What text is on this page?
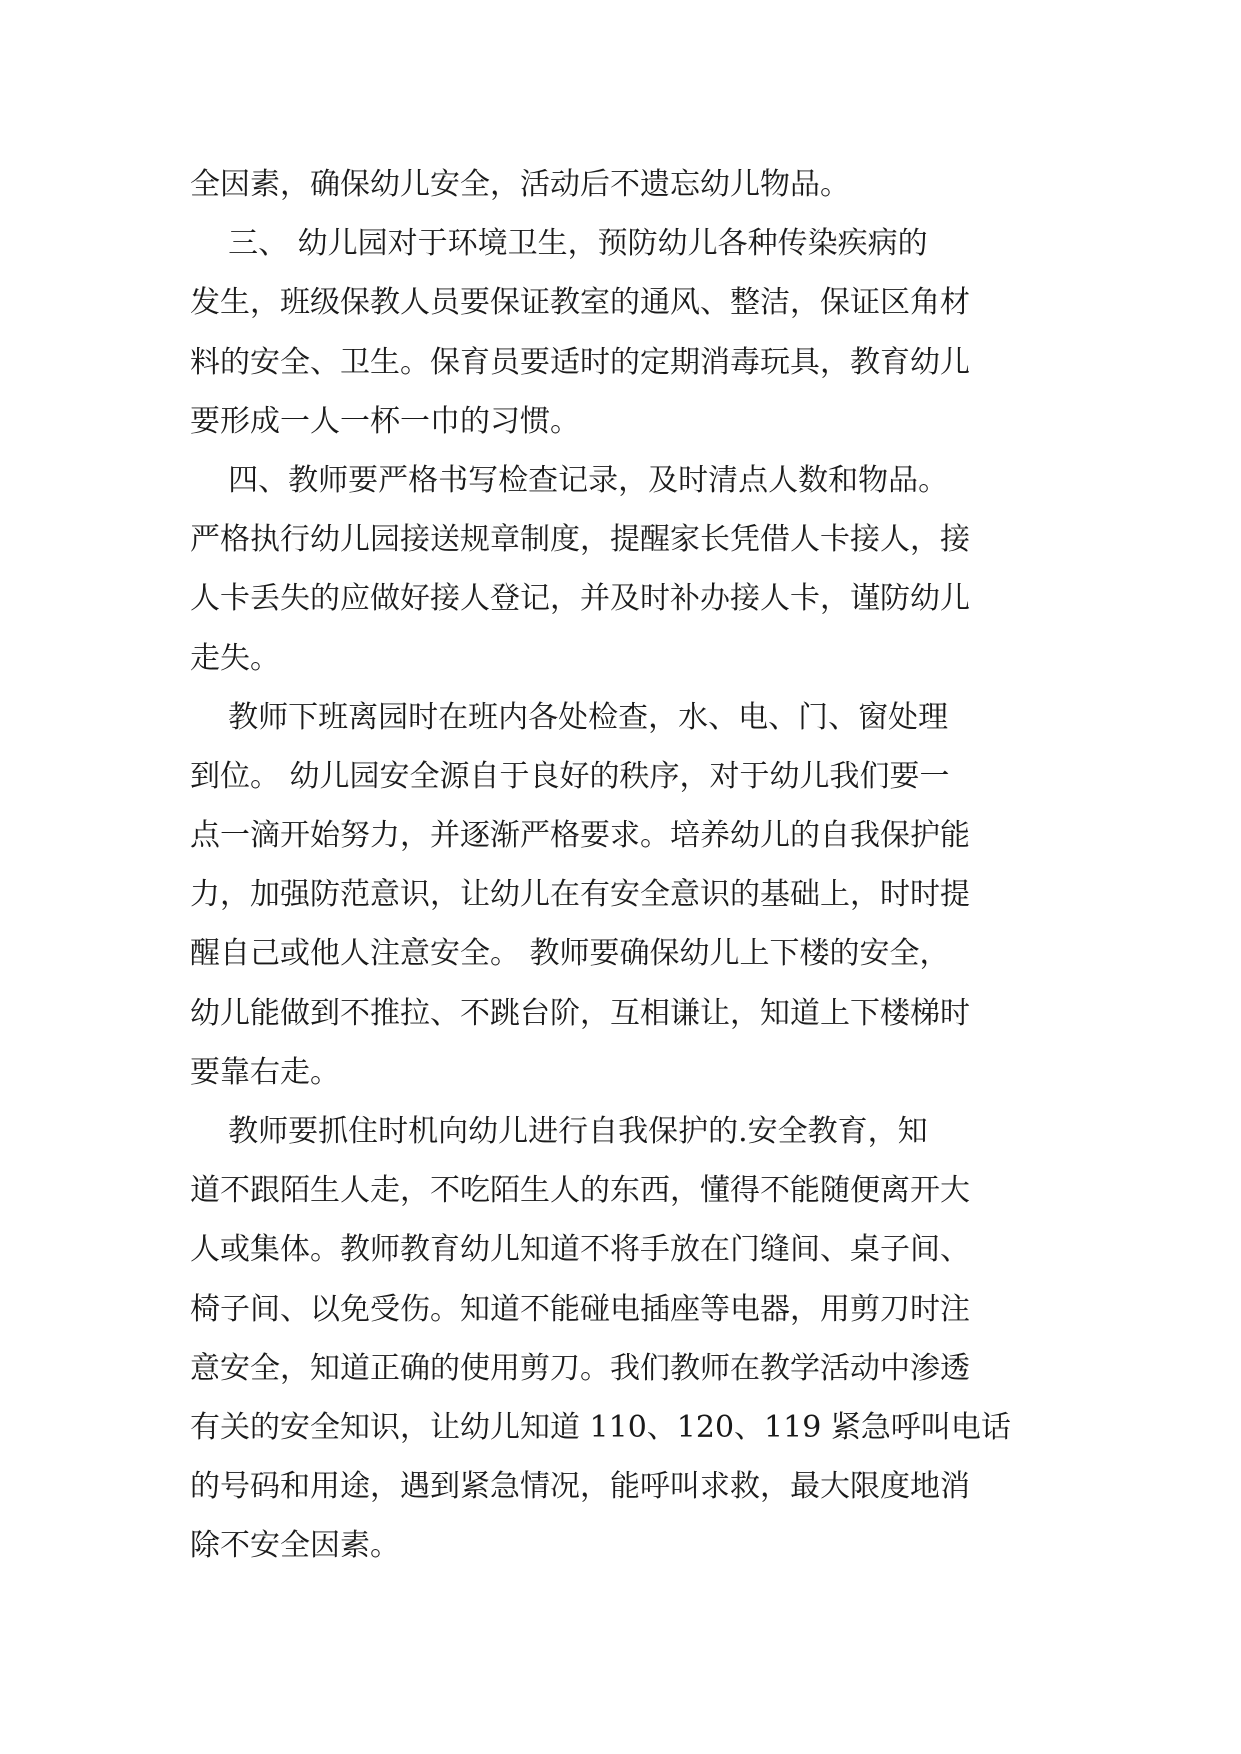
全因素，确保幼儿安全，活动后不遗忘幼儿物品。
三、 幼儿园对于环境卫生，预防幼儿各种传染疾病的
发生，班级保教人员要保证教室的通风、整洁，保证区角材
料的安全、卫生。保育员要适时的定期消毒玩具，教育幼儿
要形成一人一杯一巾的习惯。
四、教师要严格书写检查记录，及时清点人数和物品。
严格执行幼儿园接送规章制度，提醒家长凭借人卡接人，接
人卡丢失的应做好接人登记，并及时补办接人卡，谨防幼儿
走失。
教师下班离园时在班内各处检查，水、电、门、窗处理
到位。 幼儿园安全源自于良好的秩序，对于幼儿我们要一
点一滴开始努力，并逐渐严格要求。培养幼儿的自我保护能
力，加强防范意识，让幼儿在有安全意识的基础上，时时提
醒自己或他人注意安全。 教师要确保幼儿上下楼的安全，
幼儿能做到不推拉、不跳台阶，互相谦让，知道上下楼梯时
要靠右走。
教师要抓住时机向幼儿进行自我保护的.安全教育，知
道不跟陌生人走，不吃陌生人的东西，懂得不能随便离开大
人或集体。教师教育幼儿知道不将手放在门缝间、桌子间、
椅子间、以免受伤。知道不能碰电插座等电器，用剪刀时注
意安全，知道正确的使用剪刀。我们教师在教学活动中渗透
有关的安全知识，让幼儿知道 110、120、119 紧急呼叫电话
的号码和用途，遇到紧急情况，能呼叫求救，最大限度地消
除不安全因素。
